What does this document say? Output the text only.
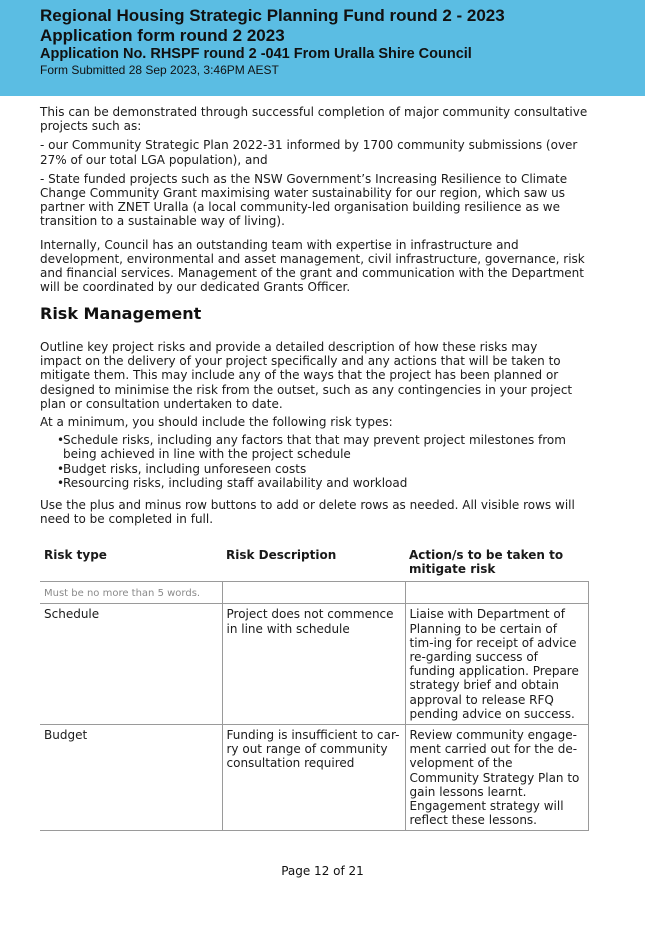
Regional Housing Strategic Planning Fund round 2 - 2023
Application form round 2 2023
Application No. RHSPF round 2 -041 From Uralla Shire Council

Form Submitted 28 Sep 2023, 3:46PM AEST

This can be demonstrated through successful completion of major community consultative projects such as:

- our Community Strategic Plan 2022-31 informed by 1700 community submissions (over 27% of our total LGA population), and

- State funded projects such as the NSW Government’s Increasing Resilience to Climate Change Community Grant maximising water sustainability for our region, which saw us partner with ZNET Uralla (a local community-led organisation building resilience as we transition to a sustainable way of living).

Internally, Council has an outstanding team with expertise in infrastructure and development, environmental and asset management, civil infrastructure, governance, risk and financial services. Management of the grant and communication with the Department will be coordinated by our dedicated Grants Officer.

Risk Management

Outline key project risks and provide a detailed description of how these risks may impact on the delivery of your project specifically and any actions that will be taken to mitigate them. This may include any of the ways that the project has been planned or designed to minimise the risk from the outset, such as any contingencies in your project plan or consultation undertaken to date.

At a minimum, you should include the following risk types:

• Schedule risks, including any factors that that may prevent project milestones from being achieved in line with the project schedule
• Budget risks, including unforeseen costs
• Resourcing risks, including staff availability and workload

Use the plus and minus row buttons to add or delete rows as needed. All visible rows will need to be completed in full.

Risk type	Risk Description	Action/s to be taken to mitigate risk
Must be no more than 5 words.		
Schedule	Project does not commence in line with schedule	Liaise with Department of Planning to be certain of tim-ing for receipt of advice re-garding success of funding application. Prepare strategy brief and obtain approval to release RFQ pending advice on success.
Budget	Funding is insufficient to car-ry out range of community consultation required	Review community engage-ment carried out for the de-velopment of the Community Strategy Plan to gain lessons learnt. Engagement strategy will reflect these lessons.
Page 12 of 21
